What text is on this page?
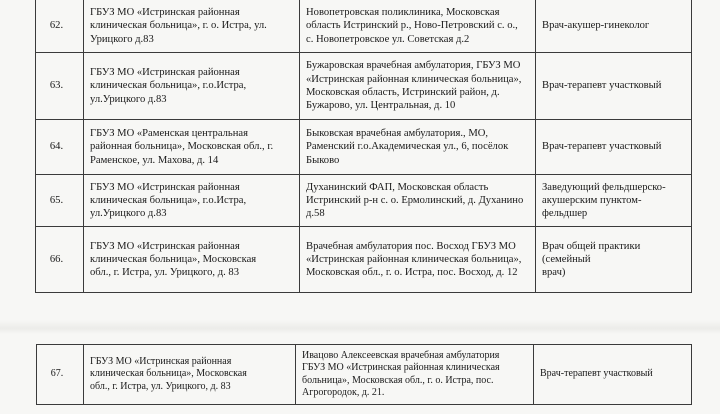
62.	ГБУЗ МО «Истринская районная
клиническая больница», г. о. Истра, ул.
Урицкого д.83	Новопетровская поликлиника, Московская
область Истринский р., Ново-Петровский с. о.,
с. Новопетровское ул. Советская д.2	Врач-акушер-гинеколог
63.	ГБУЗ МО «Истринская районная
клиническая больница», г.о.Истра,
ул.Урицкого д.83	Бужаровская врачебная амбулатория, ГБУЗ МО
«Истринская районная клиническая больница»,
Московская область, Истринский район, д.
Бужарово, ул. Центральная, д. 10	Врач-терапевт участковый
64.	ГБУЗ МО «Раменская центральная
районная больница», Московская обл., г.
Раменское, ул. Махова, д. 14	Быковская врачебная амбулатория., МО,
Раменский г.о.Академическая ул., 6, посёлок
Быково	Врач-терапевт участковый
65.	ГБУЗ МО «Истринская районная
клиническая больница», г.о.Истра,
ул.Урицкого д.83	Духанинский ФАП, Московская область
Истринский р-н с. о. Ермолинский, д. Духанино
д.58	Заведующий фельдшерско-
акушерским пунктом-фельдшер
66.	ГБУЗ МО «Истринская районная
клиническая больница», Московская
обл., г. Истра, ул. Урицкого, д. 83	Врачебная амбулатория пос. Восход ГБУЗ МО
«Истринская районная клиническая больница»,
Московская обл., г. о. Истра, пос. Восход, д. 12	Врач общей практики (семейный
врач)
67.	ГБУЗ МО «Истринская районная
клиническая больница», Московская
обл., г. Истра, ул. Урицкого, д. 83	Ивацово Алексеевская врачебная амбулатория
ГБУЗ МО «Истринская районная клиническая
больница», Московская обл., г. о. Истра, пос.
Агрогородок, д. 21.	Врач-терапевт участковый
